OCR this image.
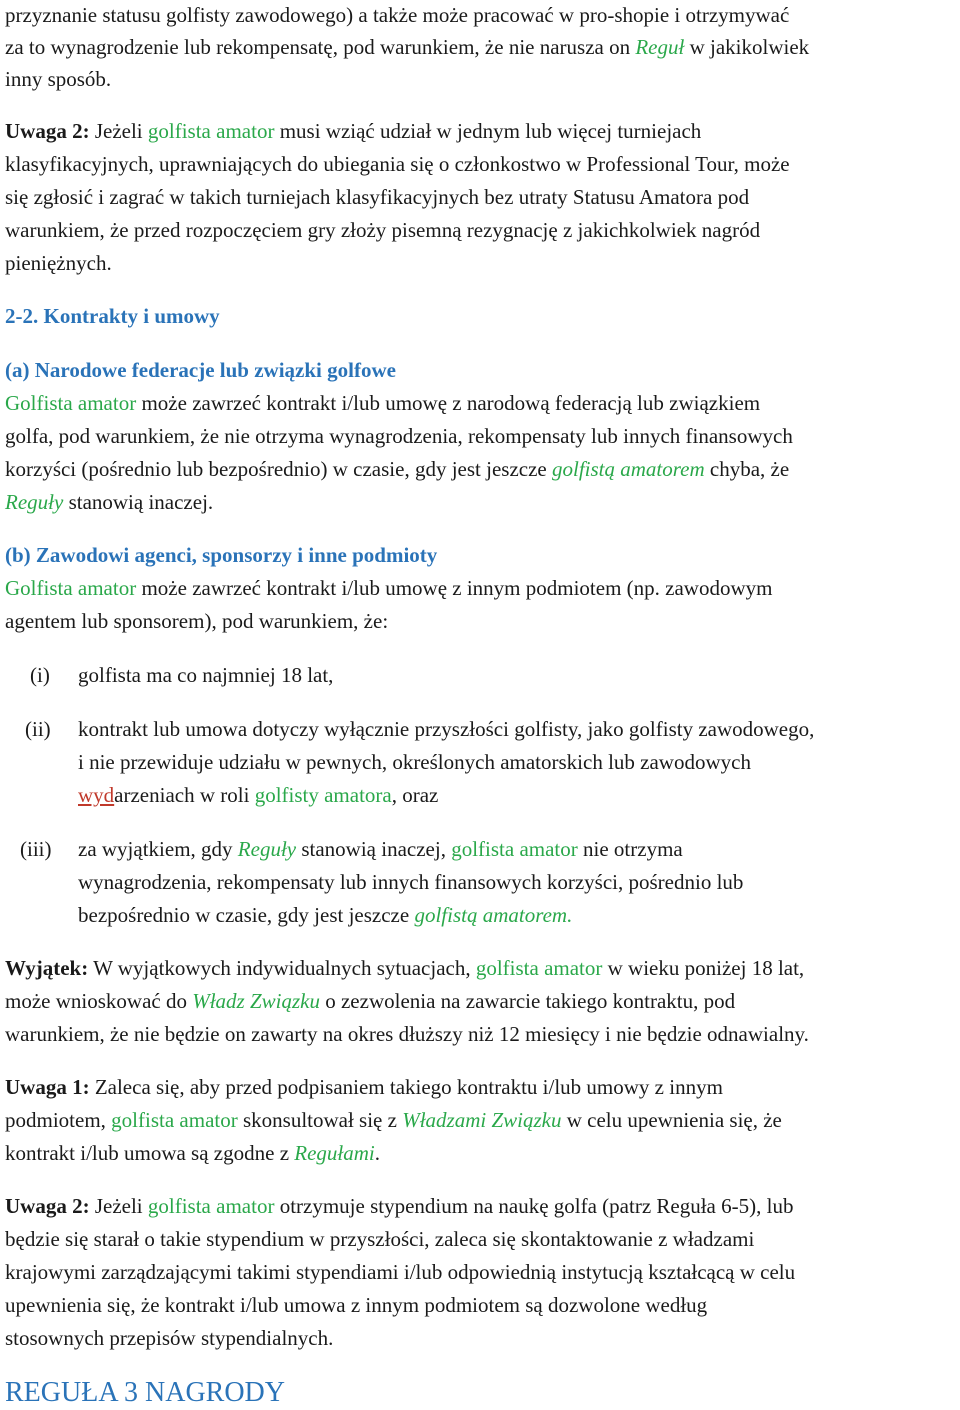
przyznanie statusu golfisty zawodowego) a także może pracować w pro-shopie i otrzymywać
za to wynagrodzenie lub rekompensatę, pod warunkiem, że nie narusza on Reguł w jakikolwiek
inny sposób.
Uwaga 2: Jeżeli golfista amator musi wziąć udział w jednym lub więcej turniejach
klasyfikacyjnych, uprawniających do ubiegania się o członkostwo w Professional Tour, może
się zgłosić i zagrać w takich turniejach klasyfikacyjnych bez utraty Statusu Amatora pod
warunkiem, że przed rozpoczęciem gry złoży pisemną rezygnację z jakichkolwiek nagród
pieniężnych.
2-2. Kontrakty i umowy
(a) Narodowe federacje lub związki golfowe
Golfista amator może zawrzeć kontrakt i/lub umowę z narodową federacją lub związkiem
golfa, pod warunkiem, że nie otrzyma wynagrodzenia, rekompensaty lub innych finansowych
korzyści (pośrednio lub bezpośrednio) w czasie, gdy jest jeszcze golfistą amatorem chyba, że
Reguły stanowią inaczej.
(b) Zawodowi agenci, sponsorzy i inne podmioty
Golfista amator może zawrzeć kontrakt i/lub umowę z innym podmiotem (np. zawodowym
agentem lub sponsorem), pod warunkiem, że:
(i) golfista ma co najmniej 18 lat,
(ii) kontrakt lub umowa dotyczy wyłącznie przyszłości golfisty, jako golfisty zawodowego,
i nie przewiduje udziału w pewnych, określonych amatorskich lub zawodowych
wydarzeniach w roli golfisty amatora, oraz
(iii) za wyjątkiem, gdy Reguły stanowią inaczej, golfista amator nie otrzyma
wynagrodzenia, rekompensaty lub innych finansowych korzyści, pośrednio lub
bezpośrednio w czasie, gdy jest jeszcze golfistą amatorem.
Wyjątek: W wyjątkowych indywidualnych sytuacjach, golfista amator w wieku poniżej 18 lat,
może wnioskować do Władz Związku o zezwolenia na zawarcie takiego kontraktu, pod
warunkiem, że nie będzie on zawarty na okres dłuższy niż 12 miesięcy i nie będzie odnawialny.
Uwaga 1: Zaleca się, aby przed podpisaniem takiego kontraktu i/lub umowy z innym
podmiotem, golfista amator skonsultował się z Władzami Związku w celu upewnienia się, że
kontrakt i/lub umowa są zgodne z Regułami.
Uwaga 2: Jeżeli golfista amator otrzymuje stypendium na naukę golfa (patrz Reguła 6-5), lub
będzie się starał o takie stypendium w przyszłości, zaleca się skontaktowanie z władzami
krajowymi zarządzającymi takimi stypendiami i/lub odpowiednią instytucją kształcącą w celu
upewnienia się, że kontrakt i/lub umowa z innym podmiotem są dozwolone według
stosownych przepisów stypendialnych.
REGUŁA 3 NAGRODY
